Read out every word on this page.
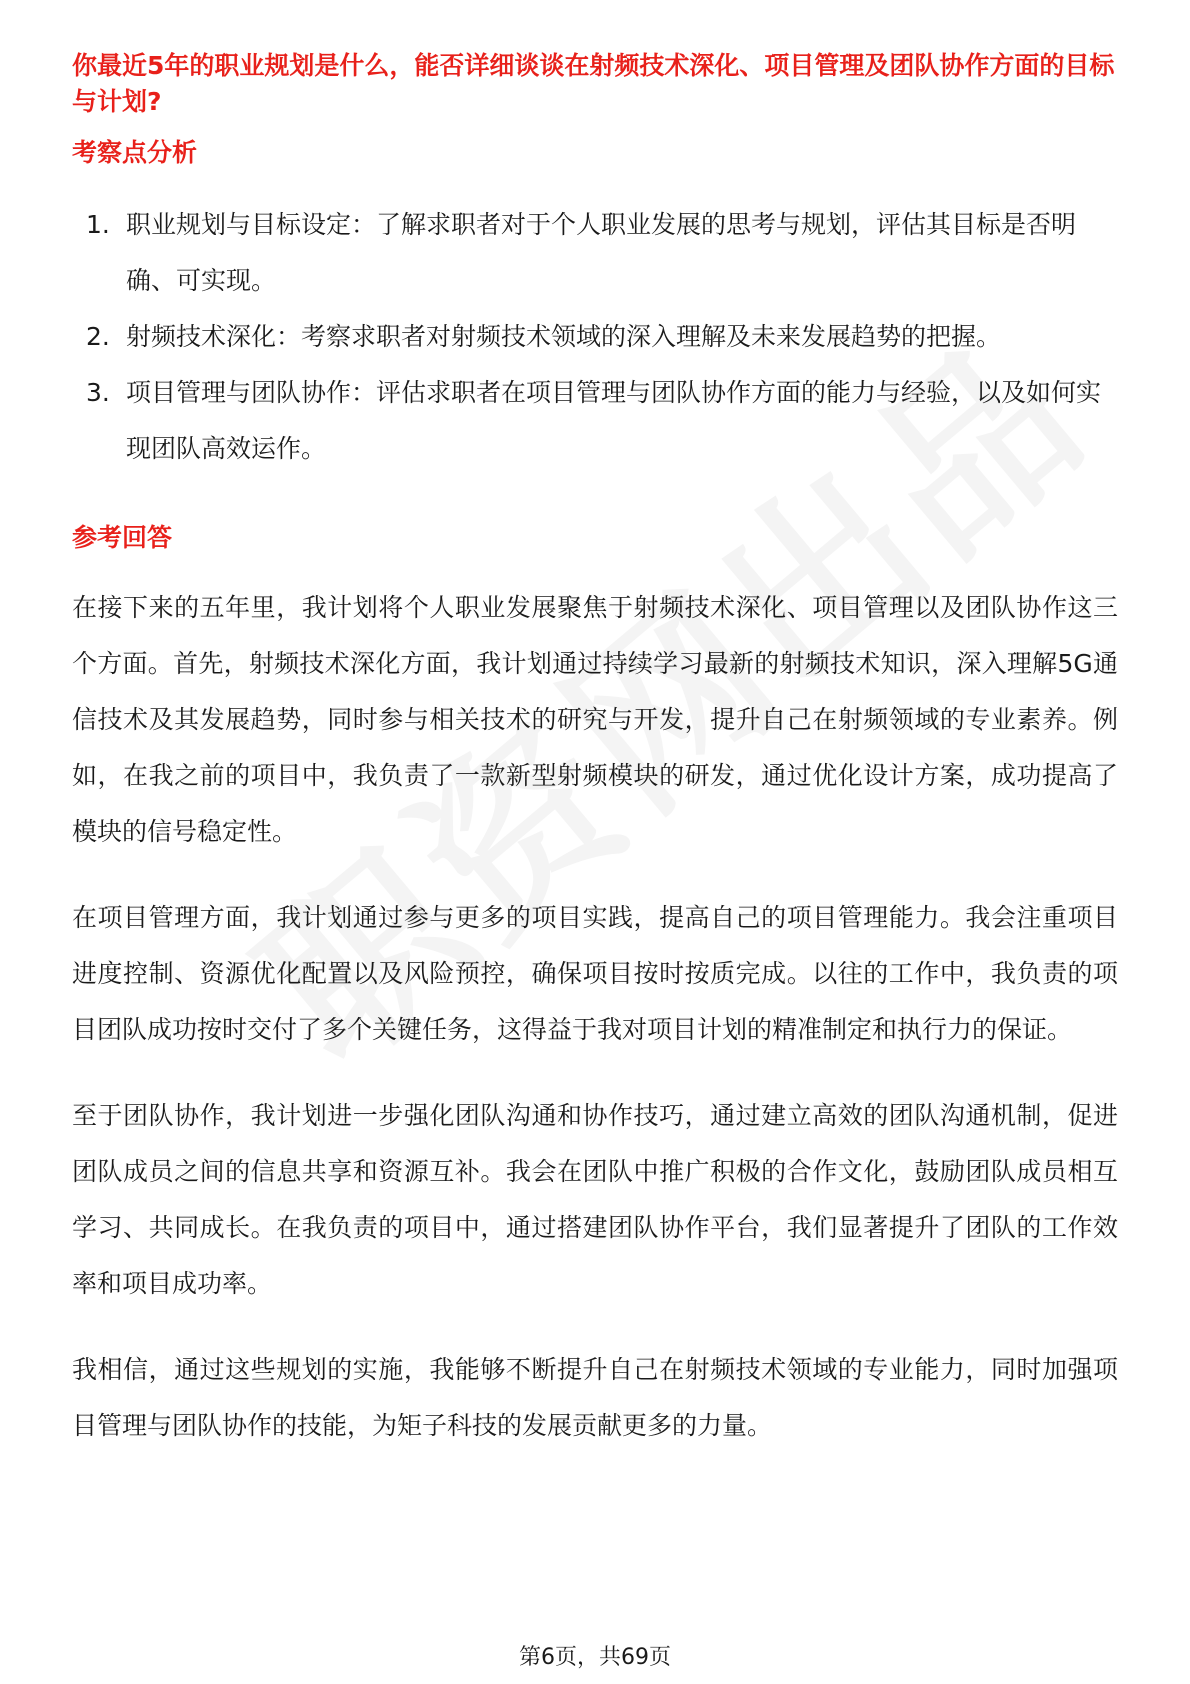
你最近5年的职业规划是什么，能否详细谈谈在射频技术深化、项目管理及团队协作方面的目标与计划?

考察点分析

1. 职业规划与目标设定：了解求职者对于个人职业发展的思考与规划，评估其目标是否明确、可实现。
2. 射频技术深化：考察求职者对射频技术领域的深入理解及未来发展趋势的把握。
3. 项目管理与团队协作：评估求职者在项目管理与团队协作方面的能力与经验，以及如何实现团队高效运作。

参考回答

在接下来的五年里，我计划将个人职业发展聚焦于射频技术深化、项目管理以及团队协作这三个方面。首先，射频技术深化方面，我计划通过持续学习最新的射频技术知识，深入理解5G通信技术及其发展趋势，同时参与相关技术的研究与开发，提升自己在射频领域的专业素养。例如，在我之前的项目中，我负责了一款新型射频模块的研发，通过优化设计方案，成功提高了模块的信号稳定性。

在项目管理方面，我计划通过参与更多的项目实践，提高自己的项目管理能力。我会注重项目进度控制、资源优化配置以及风险预控，确保项目按时按质完成。以往的工作中，我负责的项目团队成功按时交付了多个关键任务，这得益于我对项目计划的精准制定和执行力的保证。

至于团队协作，我计划进一步强化团队沟通和协作技巧，通过建立高效的团队沟通机制，促进团队成员之间的信息共享和资源互补。我会在团队中推广积极的合作文化，鼓励团队成员相互学习、共同成长。在我负责的项目中，通过搭建团队协作平台，我们显著提升了团队的工作效率和项目成功率。

我相信，通过这些规划的实施，我能够不断提升自己在射频技术领域的专业能力，同时加强项目管理与团队协作的技能，为矩子科技的发展贡献更多的力量。

第6页，共69页
